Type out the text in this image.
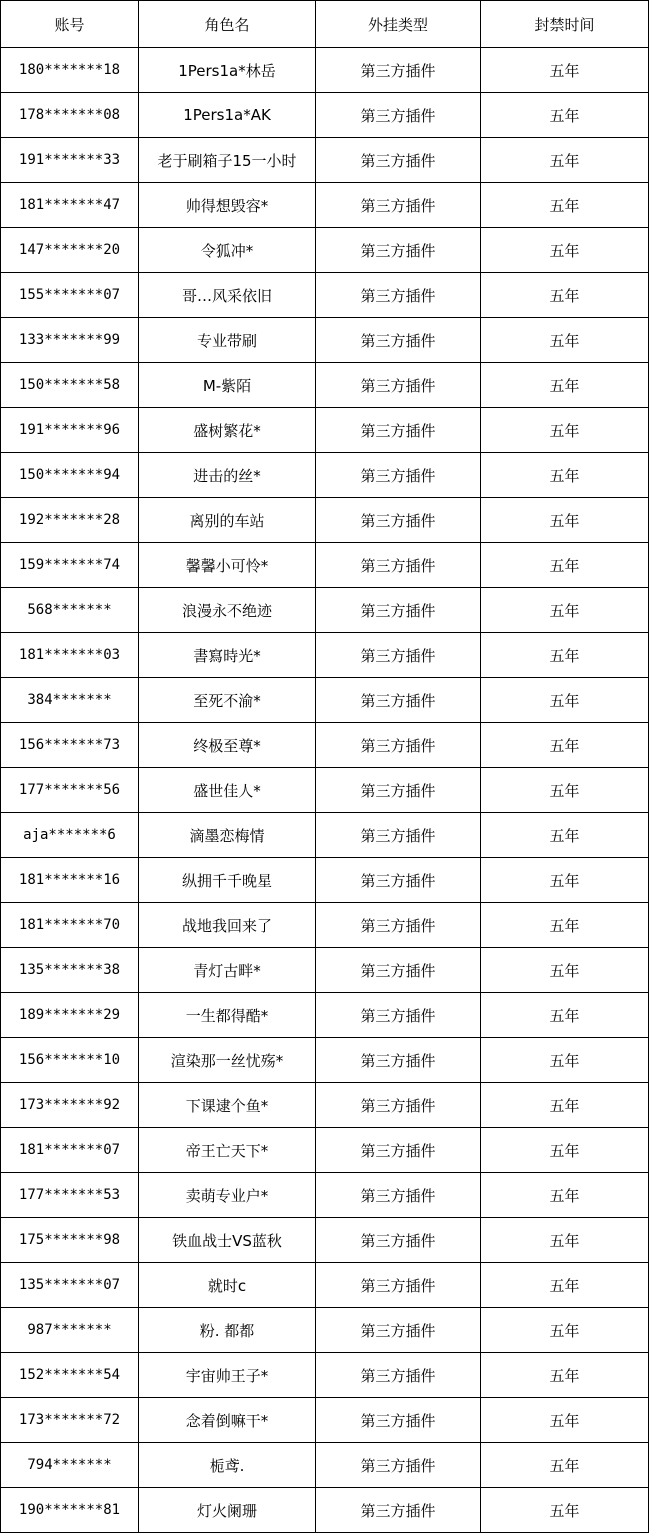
账号	角色名	外挂类型	封禁时间
180*******18	1Pers1a*林岳	第三方插件	五年
178*******08	1Pers1a*AK	第三方插件	五年
191*******33	老于刷箱子15一小时	第三方插件	五年
181*******47	帅得想毁容*	第三方插件	五年
147*******20	令狐冲*	第三方插件	五年
155*******07	哥…风采依旧	第三方插件	五年
133*******99	专业带刷	第三方插件	五年
150*******58	M-紫陌	第三方插件	五年
191*******96	盛树繁花*	第三方插件	五年
150*******94	进击的丝*	第三方插件	五年
192*******28	离别的车站	第三方插件	五年
159*******74	馨馨小可怜*	第三方插件	五年
568*******	浪漫永不绝迹	第三方插件	五年
181*******03	書寫時光*	第三方插件	五年
384*******	至死不渝*	第三方插件	五年
156*******73	终极至尊*	第三方插件	五年
177*******56	盛世佳人*	第三方插件	五年
aja*******6	滴墨恋梅情	第三方插件	五年
181*******16	纵拥千千晚星	第三方插件	五年
181*******70	战地我回来了	第三方插件	五年
135*******38	青灯古畔*	第三方插件	五年
189*******29	一生都得酷*	第三方插件	五年
156*******10	渲染那一丝忧殇*	第三方插件	五年
173*******92	下课逮个鱼*	第三方插件	五年
181*******07	帝王亡天下*	第三方插件	五年
177*******53	卖萌专业户*	第三方插件	五年
175*******98	铁血战士VS蓝秋	第三方插件	五年
135*******07	就时c	第三方插件	五年
987*******	粉. 都都	第三方插件	五年
152*******54	宇宙帅王子*	第三方插件	五年
173*******72	念着倒嘛干*	第三方插件	五年
794*******	栀鸢.	第三方插件	五年
190*******81	灯火阑珊	第三方插件	五年
